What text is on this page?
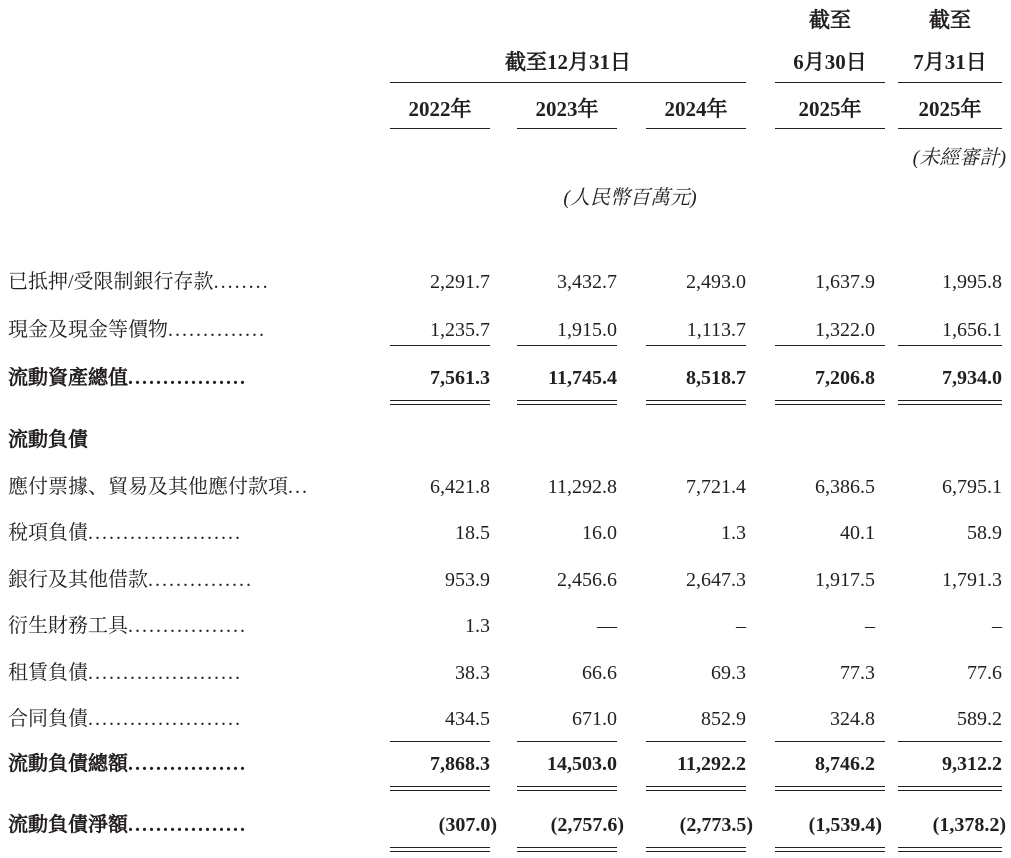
截至	截至
截至12月31日	6月30日	7月31日
2022年	2023年	2024年	2025年	2025年
(未經審計)
(人民幣百萬元)
已抵押/受限制銀行存款........	2,291.7	3,432.7	2,493.0	1,637.9	1,995.8
現金及現金等價物..............	1,235.7	1,915.0	1,113.7	1,322.0	1,656.1
流動資產總值.................	7,561.3	11,745.4	8,518.7	7,206.8	7,934.0
流動負債
應付票據、貿易及其他應付款項...	6,421.8	11,292.8	7,721.4	6,386.5	6,795.1
稅項負債......................	18.5	16.0	1.3	40.1	58.9
銀行及其他借款...............	953.9	2,456.6	2,647.3	1,917.5	1,791.3
衍生財務工具.................	1.3	—	–	–	–
租賃負債......................	38.3	66.6	69.3	77.3	77.6
合同負債......................	434.5	671.0	852.9	324.8	589.2
流動負債總額.................	7,868.3	14,503.0	11,292.2	8,746.2	9,312.2
流動負債淨額.................	(307.0)	(2,757.6)	(2,773.5)	(1,539.4)	(1,378.2)
